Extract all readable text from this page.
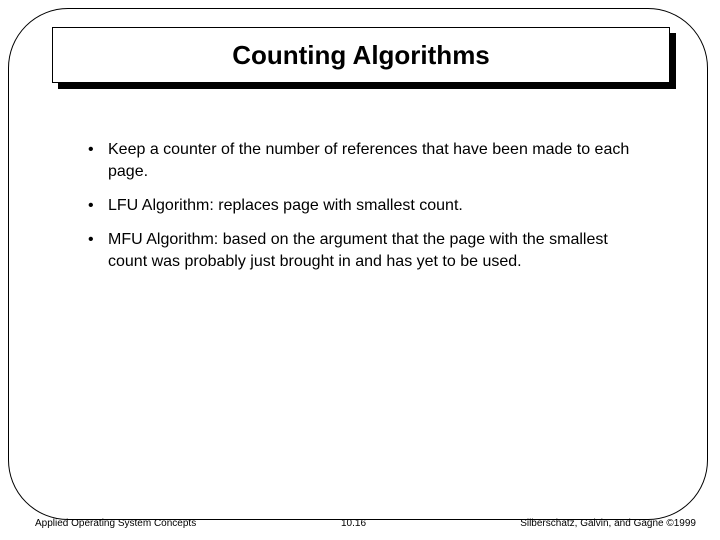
Counting Algorithms
• Keep a counter of the number of references that have been made to each page.
• LFU Algorithm: replaces page with smallest count.
• MFU Algorithm: based on the argument that the page with the smallest count was probably just brought in and has yet to be used.
Applied Operating System Concepts	10.16	Silberschatz, Galvin, and Gagne ©1999
